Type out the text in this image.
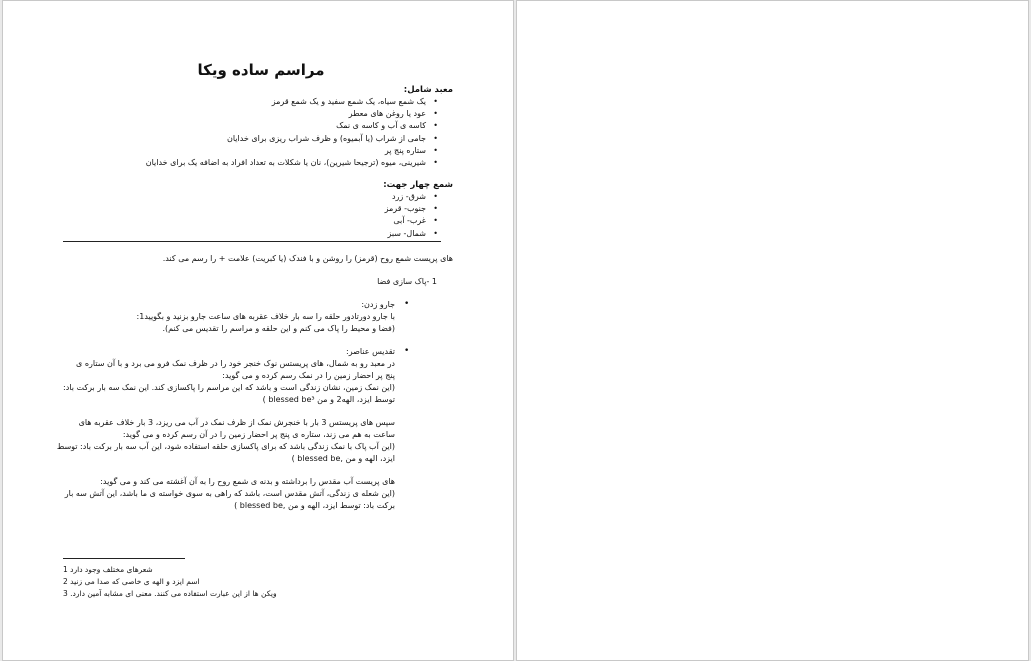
مراسم ساده ویکا
معبد شامل:
• یک شمع سیاه، یک شمع سفید و یک شمع قرمز
• عود یا روغن های معطر
• کاسه ی آب و کاسه ی نمک
• جامی از شراب (یا آبمیوه) و ظرف شراب ریزی برای خدایان
• ستاره پنج پر
• شیرینی، میوه (ترجیحا شیرین)، نان یا شکلات به تعداد افراد به اضافه یک برای خدایان
شمع چهار جهت:
• شرق- زرد
• جنوب- قرمز
• غرب- آبی
• شمال- سبز
های پریست شمع روح (قرمز) را روشن و با فندک (یا کبریت) علامت + را رسم می کند.
1 -پاک سازی فضا
•
جارو زدن:
با جارو دورتادور حلقه را سه بار خلاف عقربه های ساعت جارو بزنید و بگویید1:
(فضا و محیط را پاک می کنم و این حلقه و مراسم را تقدیس می کنم).
•
تقدیس عناصر:
در معبد رو به شمال، های پریستس نوک خنجر خود را در ظرف نمک فرو می برد و با آن ستاره ی
پنج پر احضار زمین را در نمک رسم کرده و می گوید:
(این نمک زمین، نشان زندگی است و باشد که این مراسم را پاکسازی کند. این نمک سه بار برکت باد:
توسط ایزد، الهه2 و من blessed be³ )
سپس های پریستس 3 بار با خنجرش نمک از ظرف نمک در آب می ریزد، 3 بار خلاف عقربه های
ساعت به هم می زند، ستاره ی پنج پر احضار زمین را در آن رسم کرده و می گوید:
(این آب پاک با نمک زندگی باشد که برای پاکسازی حلقه استفاده شود، این آب سه بار برکت باد: توسط
ایزد، الهه و من ,blessed be )
های پریست آب مقدس را برداشته و بدنه ی شمع روح را به آن آغشته می کند و می گوید:
(این شعله ی زندگی، آتش مقدس است، باشد که راهی به سوی خواسته ی ما باشد، این آتش سه بار
برکت باد: توسط ایزد، الهه و من ,blessed be )
شعرهای مختلف وجود دارد 1
اسم ایزد و الهه ی خاصی که صدا می زنید 2
ویکن ها از این عبارت استفاده می کنند. معنی ای مشابه آمین دارد. 3
